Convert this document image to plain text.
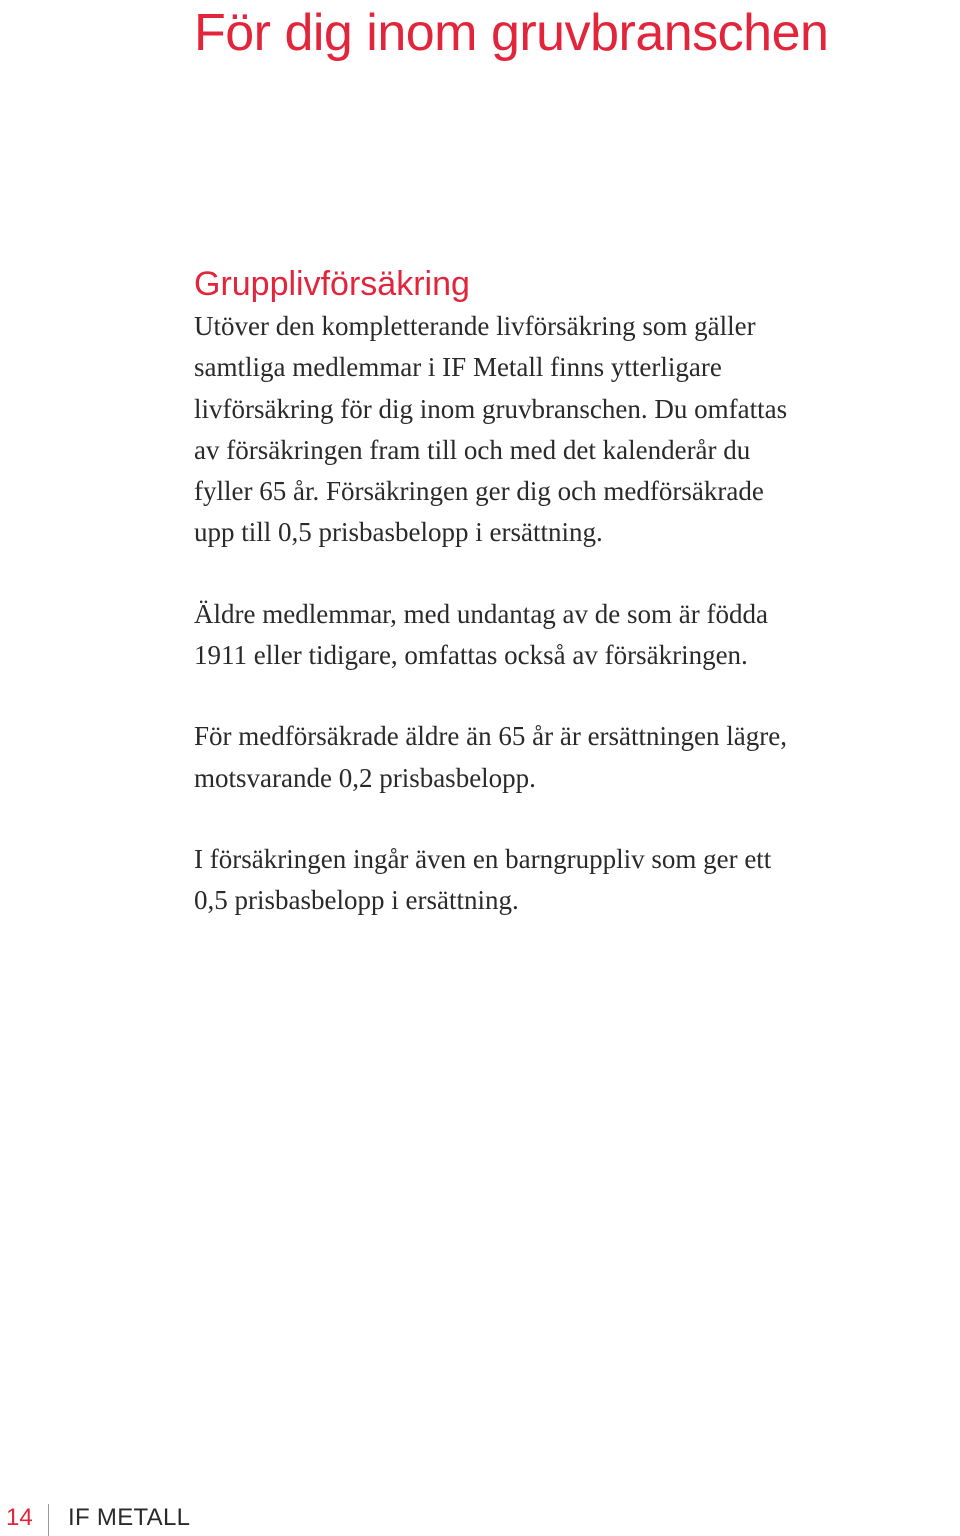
För dig inom gruvbranschen
Grupplivförsäkring

Utöver den kompletterande livförsäkring som gäller
samtliga medlemmar i IF Metall finns ytterligare
livförsäkring för dig inom gruvbranschen. Du omfattas
av försäkringen fram till och med det kalenderår du
fyller 65 år. Försäkringen ger dig och medförsäkrade
upp till 0,5 prisbasbelopp i ersättning.

Äldre medlemmar, med undantag av de som är födda
1911 eller tidigare, omfattas också av försäkringen.

För medförsäkrade äldre än 65 år är ersättningen lägre,
motsvarande 0,2 prisbasbelopp.

I försäkringen ingår även en barngruppliv som ger ett
0,5 prisbasbelopp i ersättning.

14 IF METALL
